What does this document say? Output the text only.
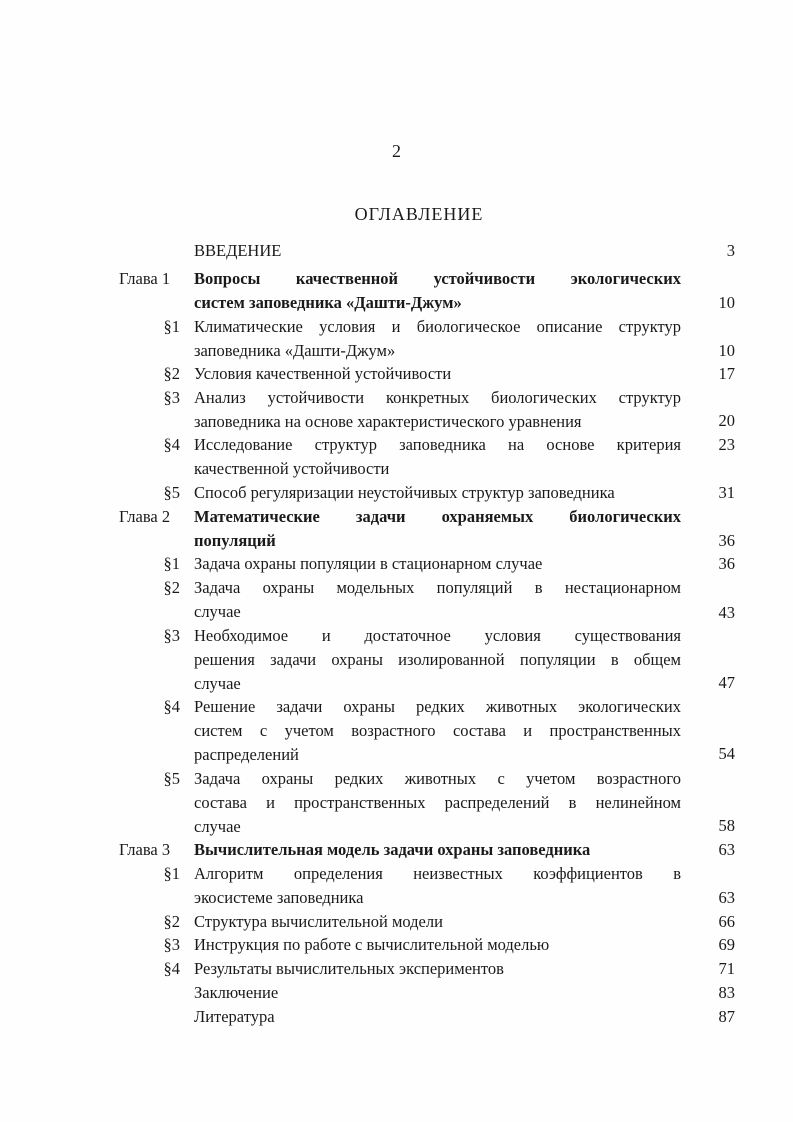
2
ОГЛАВЛЕНИЕ
ВВЕДЕНИЕ	3
Глава 1	Вопросы качественной устойчивости экологических
систем заповедника «Дашти-Джум»	10
§1 Климатические условия и биологическое описание структур
заповедника «Дашти-Джум»	10
§2 Условия качественной устойчивости	17
§3 Анализ устойчивости конкретных биологических структур
заповедника на основе характеристического уравнения	20
§4 Исследование структур заповедника на основе критерия
качественной устойчивости
23
§5 Способ регуляризации неустойчивых структур заповедника	31
Глава 2	Математические задачи охраняемых биологических
популяций	36
§1 Задача охраны популяции в стационарном случае	36
§2 Задача охраны модельных популяций в нестационарном
случае	43
§3 Необходимое и достаточное условия существования
решения задачи охраны изолированной популяции в общем
случае	47
§4 Решение задачи охраны редких животных экологических
систем с учетом возрастного состава и пространственных
распределений	54
§5 Задача охраны редких животных с учетом возрастного
состава и пространственных распределений в нелинейном
случае	58
Глава 3	Вычислительная модель задачи охраны заповедника	63
§1 Алгоритм определения неизвестных коэффициентов в
экосистеме заповедника	63
§2 Структура вычислительной модели	66
§3 Инструкция по работе с вычислительной моделью	69
§4 Результаты вычислительных экспериментов	71
Заключение	83
Литература	87
